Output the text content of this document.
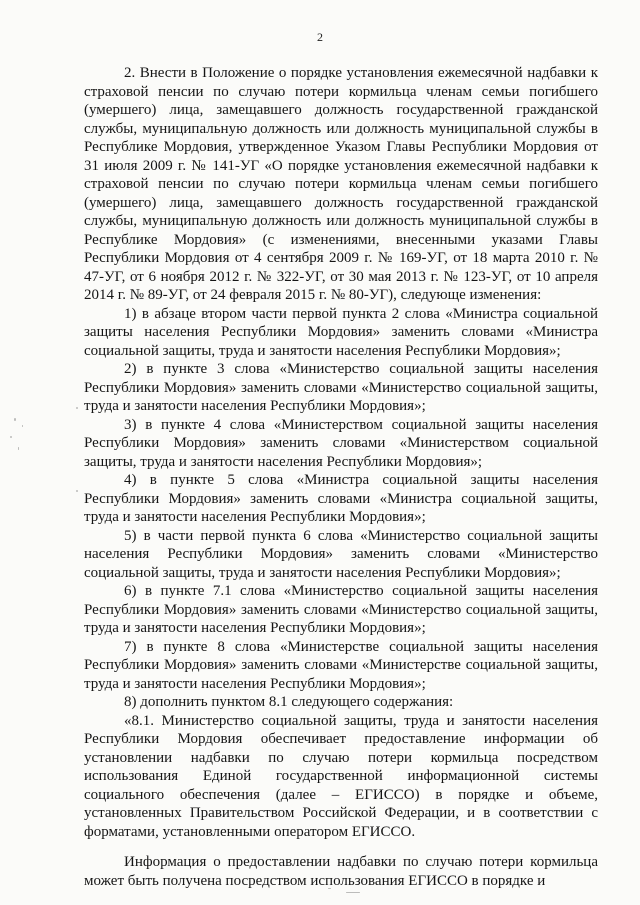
2

2. Внести в Положение о порядке установления ежемесячной надбавки к страховой пенсии по случаю потери кормильца членам семьи погибшего (умершего) лица, замещавшего должность государственной гражданской службы, муниципальную должность или должность муниципальной службы в Республике Мордовия, утвержденное Указом Главы Республики Мордовия от 31 июля 2009 г. № 141-УГ «О порядке установления ежемесячной надбавки к страховой пенсии по случаю потери кормильца членам семьи погибшего (умершего) лица, замещавшего должность государственной гражданской службы, муниципальную должность или должность муниципальной службы в Республике Мордовия» (с изменениями, внесенными указами Главы Республики Мордовия от 4 сентября 2009 г. № 169-УГ, от 18 марта 2010 г. № 47-УГ, от 6 ноября 2012 г. № 322-УГ, от 30 мая 2013 г. № 123-УГ, от 10 апреля 2014 г. № 89-УГ, от 24 февраля 2015 г. № 80-УГ), следующе изменения:

1) в абзаце втором части первой пункта 2 слова «Министра социальной защиты населения Республики Мордовия» заменить словами «Министра социальной защиты, труда и занятости населения Республики Мордовия»;

2) в пункте 3 слова «Министерство социальной защиты населения Республики Мордовия» заменить словами «Министерство социальной защиты, труда и занятости населения Республики Мордовия»;

3) в пункте 4 слова «Министерством социальной защиты населения Республики Мордовия» заменить словами «Министерством социальной защиты, труда и занятости населения Республики Мордовия»;

4) в пункте 5 слова «Министра социальной защиты населения Республики Мордовия» заменить словами «Министра социальной защиты, труда и занятости населения Республики Мордовия»;

5) в части первой пункта 6 слова «Министерство социальной защиты населения Республики Мордовия» заменить словами «Министерство социальной защиты, труда и занятости населения Республики Мордовия»;

6) в пункте 7.1 слова «Министерство социальной защиты населения Республики Мордовия» заменить словами «Министерство социальной защиты, труда и занятости населения Республики Мордовия»;

7) в пункте 8 слова «Министерстве социальной защиты населения Республики Мордовия» заменить словами «Министерстве социальной защиты, труда и занятости населения Республики Мордовия»;

8) дополнить пунктом 8.1 следующего содержания:

«8.1. Министерство социальной защиты, труда и занятости населения Республики Мордовия обеспечивает предоставление информации об установлении надбавки по случаю потери кормильца посредством использования Единой государственной информационной системы социального обеспечения (далее – ЕГИССО) в порядке и объеме, установленных Правительством Российской Федерации, и в соответствии с форматами, установленными оператором ЕГИССО.

Информация о предоставлении надбавки по случаю потери кормильца может быть получена посредством использования ЕГИССО в порядке и
